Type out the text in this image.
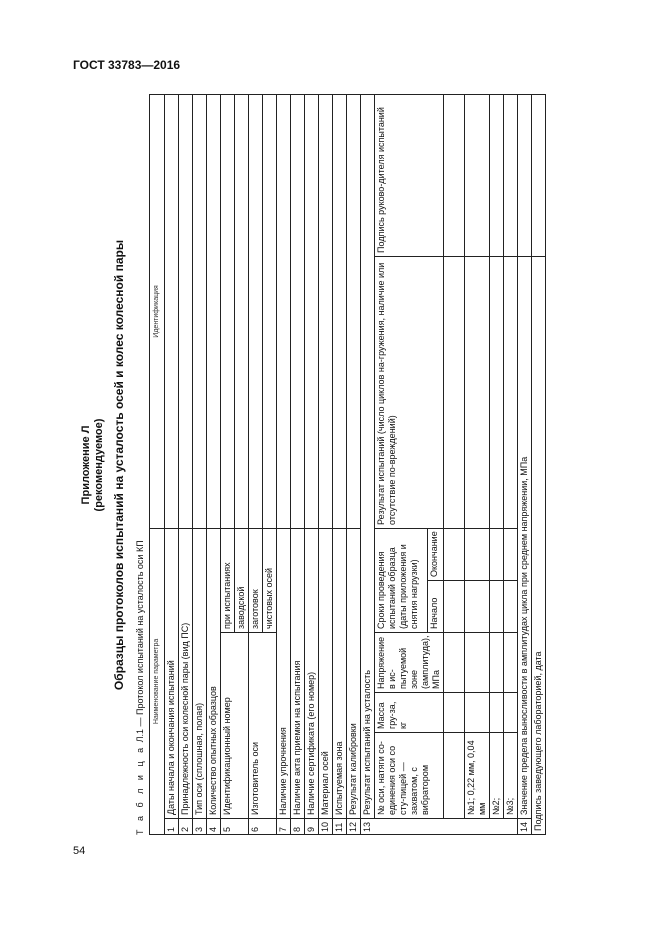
ГОСТ 33783—2016
54
Приложение Л (рекомендуемое) Образцы протоколов испытаний на усталость осей и колес колесной пары
Т а б л и ц а Л.1 — Протокол испытаний на усталость оси КП Наименование параметра						Идентификация	
1	Даты начала и окончания испытаний						
2	Принадлежность оси колесной пары (вид ПС)						
3	Тип оси (сплошная, полая)						
4	Количество опытных образцов						
5	Идентификационный номер			при испытаниях			
				заводской			
6	Изготовитель оси			заготовок			
				чистовых осей			
7	Наличие упрочнения						
8	Наличие акта приемки на испытания						
9	Наличие сертификата (его номер)						
10	Материал осей						
11	Испытуемая зона						
12	Результат калибровки						
13	Результат испытаний на усталость						
	№ оси, натяги со-единения оси со сту-пицей — захватом, с вибратором	Масса гру-за, кг	Напряжение в ис-пытуемой зоне (амплитуда), МПа	Сроки проведения испытаний образца (даты приложения и снятия нагрузки)		Результат испытаний (число циклов на-гружения, наличие или отсутствие по-вреждений)	Подпись руково-дителя испытаний
				Начало	Окончание		

	№1; 0,22 мм, 0,04 мм						
	№2;						
	№3;						
14	Значение предела выносливости в амплитудах цикла при среднем напряжении, МПа						
Подпись заведующего лабораторией, дата							
